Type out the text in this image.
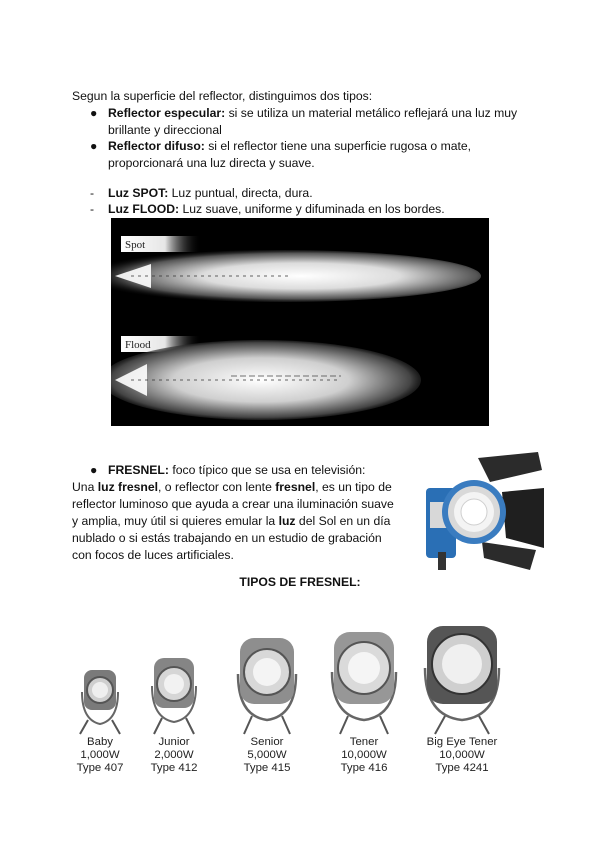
Segun la superficie del reflector, distinguimos dos tipos:
● Reflector especular: si se utiliza un material metálico reflejará una luz muy
brillante y direccional
● Reflector difuso: si el reflector tiene una superficie rugosa o mate,
proporcionará una luz directa y suave.
- Luz SPOT: Luz puntual, directa, dura.
- Luz FLOOD: Luz suave, uniforme y difuminada en los bordes.
Spot
Flood
● FRESNEL: foco típico que se usa en televisión:
Una luz fresnel, o reflector con lente fresnel, es un tipo de
reflector luminoso que ayuda a crear una iluminación suave
y amplia, muy útil si quieres emular la luz del Sol en un día
nublado o si estás trabajando en un estudio de grabación
con focos de luces artificiales.
TIPOS DE FRESNEL:
Baby
1,000W
Type 407
Junior
2,000W
Type 412
Senior
5,000W
Type 415
Tener
10,000W
Type 416
Big Eye Tener
10,000W
Type 4241
